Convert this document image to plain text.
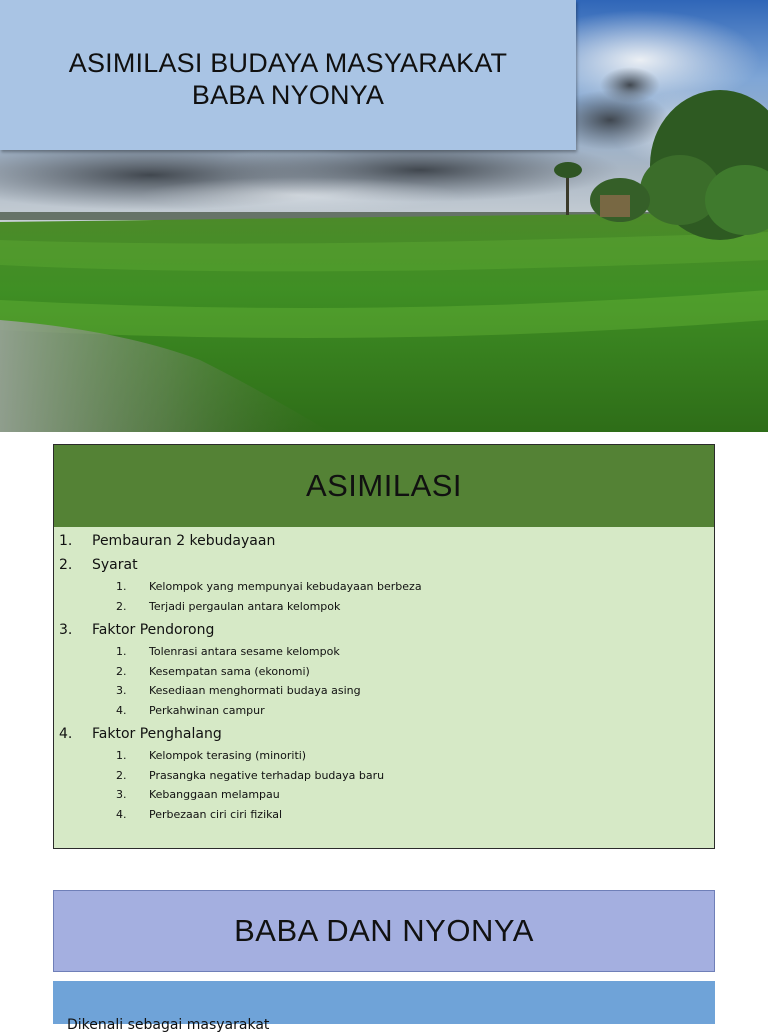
ASIMILASI BUDAYA MASYARAKAT
BABA NYONYA
ASIMILASI
1.	Pembauran 2 kebudayaan
2.	Syarat
1.	Kelompok yang mempunyai kebudayaan berbeza
2.	Terjadi pergaulan antara kelompok
3.	Faktor Pendorong
1.	Tolenrasi antara sesame kelompok
2.	Kesempatan sama (ekonomi)
3.	Kesediaan menghormati budaya asing
4.	Perkahwinan campur
4.	Faktor Penghalang
1.	Kelompok terasing (minoriti)
2.	Prasangka negative terhadap budaya baru
3.	Kebanggaan melampau
4.	Perbezaan ciri ciri fizikal
BABA DAN NYONYA
Dikenali sebagai masyarakat
